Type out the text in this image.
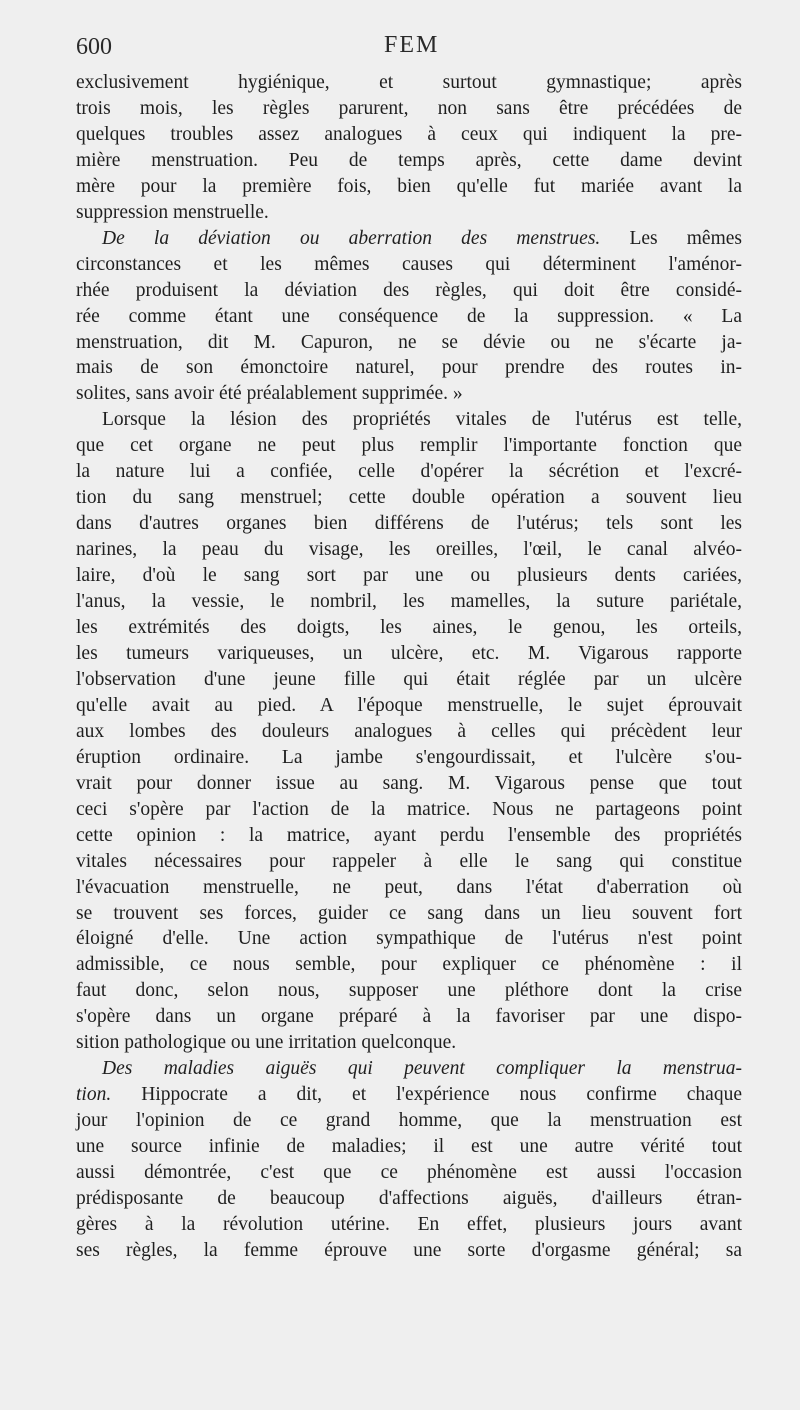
600	FEM
exclusivement hygiénique, et surtout gymnastique; après
trois mois, les règles parurent, non sans être précédées de
quelques troubles assez analogues à ceux qui indiquent la pre-
mière menstruation. Peu de temps après, cette dame devint
mère pour la première fois, bien qu'elle fut mariée avant la
suppression menstruelle.
De la déviation ou aberration des menstrues. Les mêmes
circonstances et les mêmes causes qui déterminent l'aménor-
rhée produisent la déviation des règles, qui doit être considé-
rée comme étant une conséquence de la suppression. « La
menstruation, dit M. Capuron, ne se dévie ou ne s'écarte ja-
mais de son émonctoire naturel, pour prendre des routes in-
solites, sans avoir été préalablement supprimée. »
Lorsque la lésion des propriétés vitales de l'utérus est telle,
que cet organe ne peut plus remplir l'importante fonction que
la nature lui a confiée, celle d'opérer la sécrétion et l'excré-
tion du sang menstruel; cette double opération a souvent lieu
dans d'autres organes bien différens de l'utérus; tels sont les
narines, la peau du visage, les oreilles, l'œil, le canal alvéo-
laire, d'où le sang sort par une ou plusieurs dents cariées,
l'anus, la vessie, le nombril, les mamelles, la suture pariétale,
les extrémités des doigts, les aines, le genou, les orteils,
les tumeurs variqueuses, un ulcère, etc. M. Vigarous rapporte
l'observation d'une jeune fille qui était réglée par un ulcère
qu'elle avait au pied. A l'époque menstruelle, le sujet éprouvait
aux lombes des douleurs analogues à celles qui précèdent leur
éruption ordinaire. La jambe s'engourdissait, et l'ulcère s'ou-
vrait pour donner issue au sang. M. Vigarous pense que tout
ceci s'opère par l'action de la matrice. Nous ne partageons point
cette opinion : la matrice, ayant perdu l'ensemble des propriétés
vitales nécessaires pour rappeler à elle le sang qui constitue
l'évacuation menstruelle, ne peut, dans l'état d'aberration où
se trouvent ses forces, guider ce sang dans un lieu souvent fort
éloigné d'elle. Une action sympathique de l'utérus n'est point
admissible, ce nous semble, pour expliquer ce phénomène : il
faut donc, selon nous, supposer une pléthore dont la crise
s'opère dans un organe préparé à la favoriser par une dispo-
sition pathologique ou une irritation quelconque.
Des maladies aiguës qui peuvent compliquer la menstrua-
tion. Hippocrate a dit, et l'expérience nous confirme chaque
jour l'opinion de ce grand homme, que la menstruation est
une source infinie de maladies; il est une autre vérité tout
aussi démontrée, c'est que ce phénomène est aussi l'occasion
prédisposante de beaucoup d'affections aiguës, d'ailleurs étran-
gères à la révolution utérine. En effet, plusieurs jours avant
ses règles, la femme éprouve une sorte d'orgasme général; sa
